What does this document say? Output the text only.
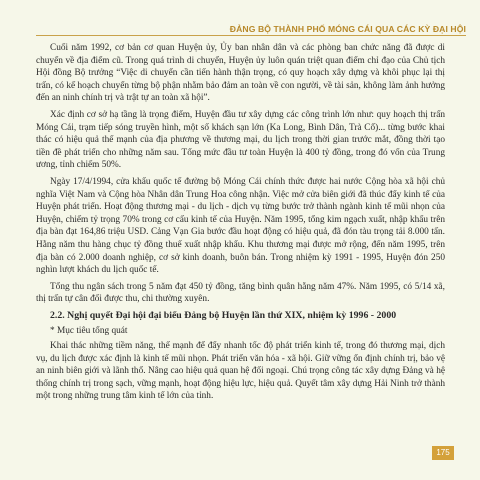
ĐẢNG BỘ THÀNH PHỐ MÓNG CÁI QUA CÁC KỲ ĐẠI HỘI

Cuối năm 1992, cơ bản cơ quan Huyện ủy, Ủy ban nhân dân và các phòng ban chức năng đã được di chuyển về địa điểm cũ. Trong quá trình di chuyển, Huyện ủy luôn quán triệt quan điểm chỉ đạo của Chủ tịch Hội đồng Bộ trưởng “Việc di chuyển cần tiến hành thận trọng, có quy hoạch xây dựng và khôi phục lại thị trấn, có kế hoạch chuyển từng bộ phận nhằm bảo đảm an toàn về con người, về tài sản, không làm ảnh hưởng đến an ninh chính trị và trật tự an toàn xã hội”.

Xác định cơ sở hạ tầng là trọng điểm, Huyện đầu tư xây dựng các công trình lớn như: quy hoạch thị trấn Móng Cái, trạm tiếp sóng truyền hình, một số khách sạn lớn (Ka Long, Bình Dân, Trà Cổ)... từng bước khai thác có hiệu quả thế mạnh của địa phương về thương mại, du lịch trong thời gian trước mắt, đồng thời tạo tiền đề phát triển cho những năm sau. Tổng mức đầu tư toàn Huyện là 400 tỷ đồng, trong đó vốn của Trung ương, tỉnh chiếm 50%.

Ngày 17/4/1994, cửa khẩu quốc tế đường bộ Móng Cái chính thức được hai nước Cộng hòa xã hội chủ nghĩa Việt Nam và Cộng hòa Nhân dân Trung Hoa công nhận. Việc mở cửa biên giới đã thúc đẩy kinh tế của Huyện phát triển. Hoạt động thương mại - du lịch - dịch vụ từng bước trở thành ngành kinh tế mũi nhọn của Huyện, chiếm tỷ trọng 70% trong cơ cấu kinh tế của Huyện. Năm 1995, tổng kim ngạch xuất, nhập khẩu trên địa bàn đạt 164,86 triệu USD. Cảng Vạn Gia bước đầu hoạt động có hiệu quả, đã đón tàu trọng tải 8.000 tấn. Hằng năm thu hàng chục tỷ đồng thuế xuất nhập khẩu. Khu thương mại được mở rộng, đến năm 1995, trên địa bàn có 2.000 doanh nghiệp, cơ sở kinh doanh, buôn bán. Trong nhiệm kỳ 1991 - 1995, Huyện đón 250 nghìn lượt khách du lịch quốc tế.

Tổng thu ngân sách trong 5 năm đạt 450 tỷ đồng, tăng bình quân hằng năm 47%. Năm 1995, có 5/14 xã, thị trấn tự cân đối được thu, chi thường xuyên.

2.2. Nghị quyết Đại hội đại biểu Đảng bộ Huyện lần thứ XIX, nhiệm kỳ 1996 - 2000

* Mục tiêu tổng quát

Khai thác những tiềm năng, thế mạnh để đẩy nhanh tốc độ phát triển kinh tế, trong đó thương mại, dịch vụ, du lịch được xác định là kinh tế mũi nhọn. Phát triển văn hóa - xã hội. Giữ vững ổn định chính trị, bảo vệ an ninh biên giới và lãnh thổ. Nâng cao hiệu quả quan hệ đối ngoại. Chú trọng công tác xây dựng Đảng và hệ thống chính trị trong sạch, vững mạnh, hoạt động hiệu lực, hiệu quả. Quyết tâm xây dựng Hải Ninh trở thành một trong những trung tâm kinh tế lớn của tỉnh.

175
